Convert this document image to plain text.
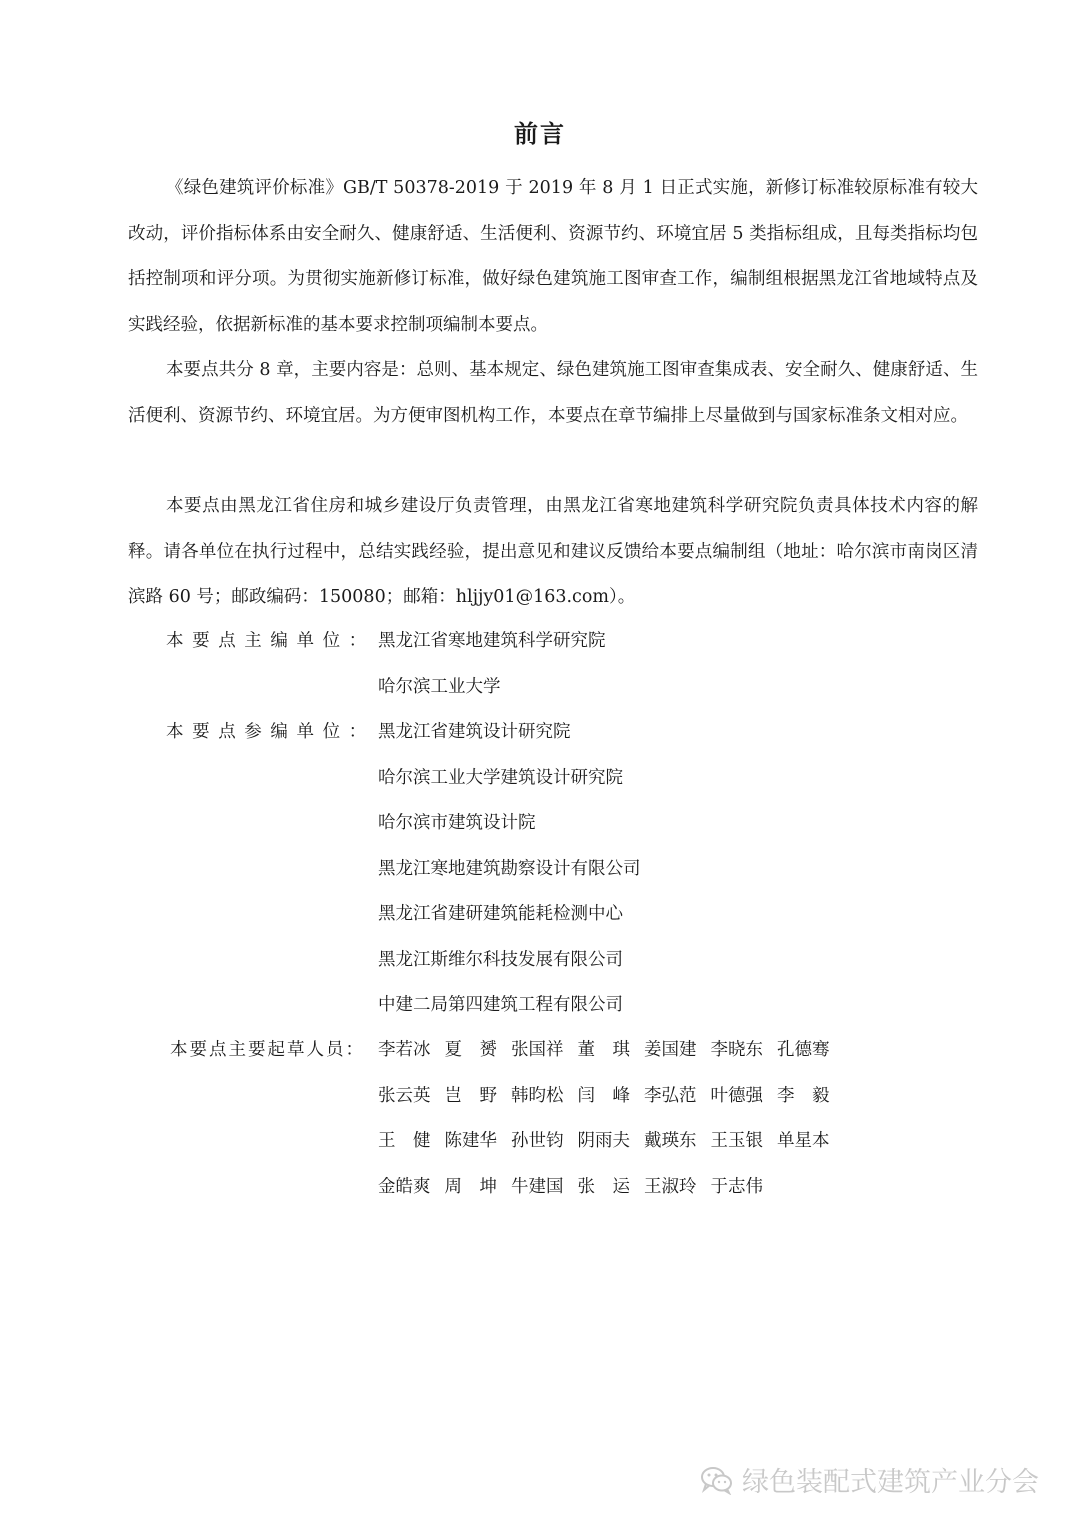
前言

《绿色建筑评价标准》GB/T 50378-2019 于 2019 年 8 月 1 日正式实施，新修订标准较原标准有较大改动，评价指标体系由安全耐久、健康舒适、生活便利、资源节约、环境宜居 5 类指标组成，且每类指标均包括控制项和评分项。为贯彻实施新修订标准，做好绿色建筑施工图审查工作，编制组根据黑龙江省地域特点及实践经验，依据新标准的基本要求控制项编制本要点。

本要点共分 8 章，主要内容是：总则、基本规定、绿色建筑施工图审查集成表、安全耐久、健康舒适、生活便利、资源节约、环境宜居。为方便审图机构工作，本要点在章节编排上尽量做到与国家标准条文相对应。

本要点由黑龙江省住房和城乡建设厅负责管理，由黑龙江省寒地建筑科学研究院负责具体技术内容的解释。请各单位在执行过程中，总结实践经验，提出意见和建议反馈给本要点编制组（地址：哈尔滨市南岗区清滨路 60 号；邮政编码：150080；邮箱：hljjy01@163.com）。

本要点主编单位： 黑龙江省寒地建筑科学研究院
哈尔滨工业大学
本要点参编单位： 黑龙江省建筑设计研究院
哈尔滨工业大学建筑设计研究院
哈尔滨市建筑设计院
黑龙江寒地建筑勘察设计有限公司
黑龙江省建研建筑能耗检测中心
黑龙江斯维尔科技发展有限公司
中建二局第四建筑工程有限公司
本要点主要起草人员： 李若冰 夏　赟 张国祥 董　琪 姜国建 李晓东 孔德骞
张云英 岂　野 韩昀松 闫　峰 李弘范 叶德强 李　毅
王　健 陈建华 孙世钧 阴雨夫 戴瑛东 王玉银 单星本
金皓爽 周　坤 牛建国 张　运 王淑玲 于志伟
绿色装配式建筑产业分会
